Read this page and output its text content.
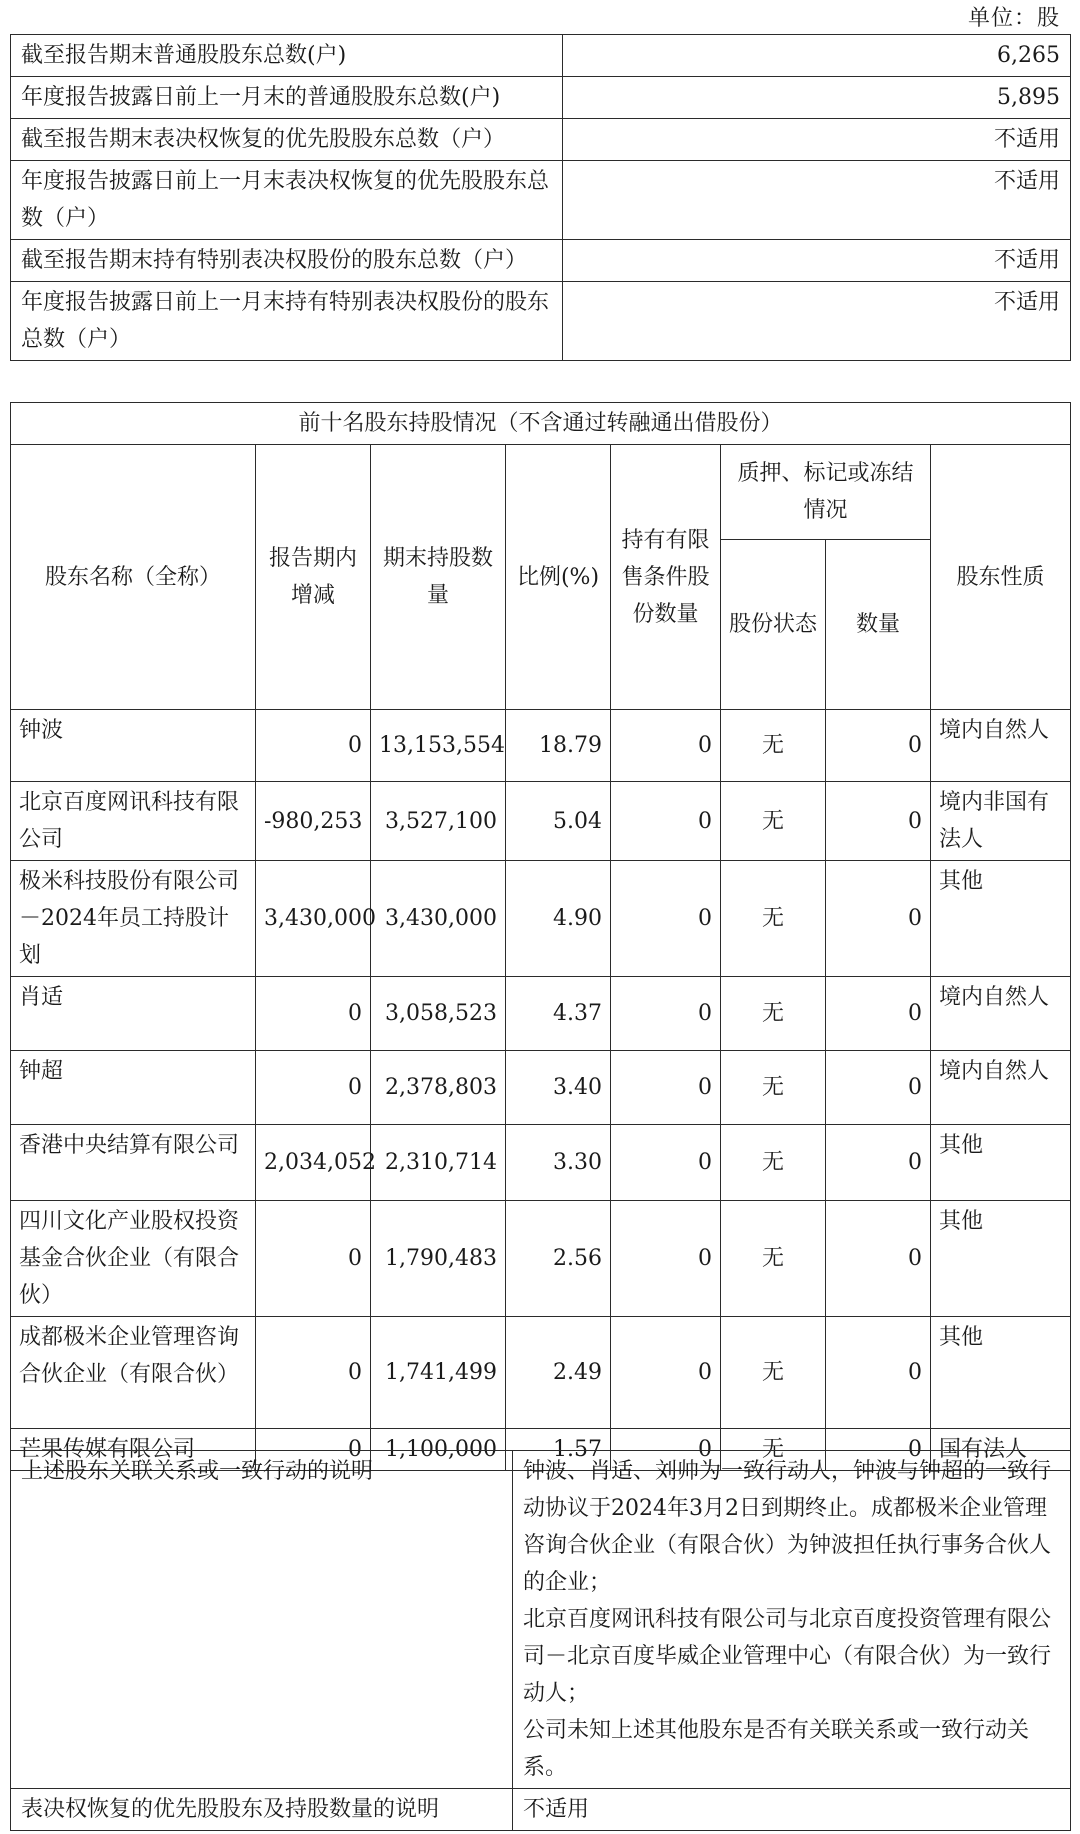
单位：股
截至报告期末普通股股东总数(户)	6,265
年度报告披露日前上一月末的普通股股东总数(户)	5,895
截至报告期末表决权恢复的优先股股东总数（户）	不适用
年度报告披露日前上一月末表决权恢复的优先股股东总数（户）	不适用
截至报告期末持有特别表决权股份的股东总数（户）	不适用
年度报告披露日前上一月末持有特别表决权股份的股东总数（户）	不适用
前十名股东持股情况（不含通过转融通出借股份）							
股东名称（全称）	报告期内增减	期末持股数量	比例(%)	持有有限售条件股份数量	质押、标记或冻结情况		股东性质
					股份状态	数量	
钟波	0	13,153,554	18.79	0	无	0	境内自然人
北京百度网讯科技有限公司	-980,253	3,527,100	5.04	0	无	0	境内非国有法人
极米科技股份有限公司－2024年员工持股计划	3,430,000	3,430,000	4.90	0	无	0	其他
肖适	0	3,058,523	4.37	0	无	0	境内自然人
钟超	0	2,378,803	3.40	0	无	0	境内自然人
香港中央结算有限公司	2,034,052	2,310,714	3.30	0	无	0	其他
四川文化产业股权投资基金合伙企业（有限合伙）	0	1,790,483	2.56	0	无	0	其他
成都极米企业管理咨询合伙企业（有限合伙）	0	1,741,499	2.49	0	无	0	其他
芒果传媒有限公司	0	1,100,000	1.57	0	无	0	国有法人
上述股东关联关系或一致行动的说明	钟波、肖适、刘帅为一致行动人，钟波与钟超的一致行动协议于2024年3月2日到期终止。成都极米企业管理咨询合伙企业（有限合伙）为钟波担任执行事务合伙人的企业；
北京百度网讯科技有限公司与北京百度投资管理有限公司－北京百度毕威企业管理中心（有限合伙）为一致行动人；
公司未知上述其他股东是否有关联关系或一致行动关系。

表决权恢复的优先股股东及持股数量的说明	不适用
